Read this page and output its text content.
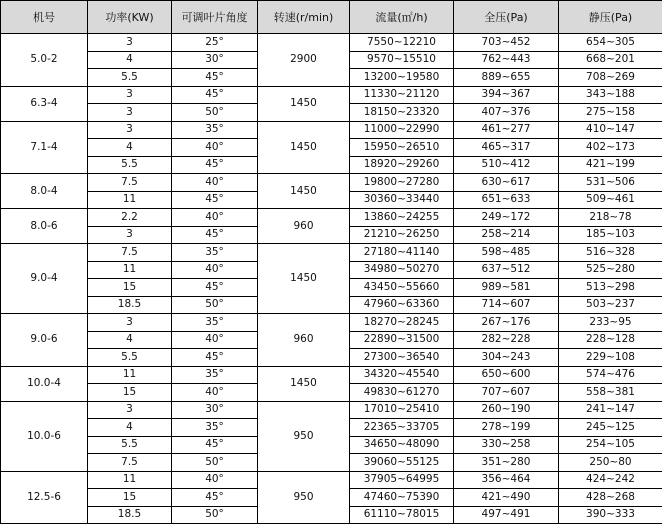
机号	功率(KW)	可调叶片角度	转速(r/min)	流量(㎡/h)	全压(Pa)	静压(Pa)
5.0-2	3	25°	2900	7550~12210	703~452	654~305
	4	30°		9570~15510	762~443	668~201
	5.5	45°		13200~19580	889~655	708~269
6.3-4	3	45°	1450	11330~21120	394~367	343~188
	3	50°		18150~23320	407~376	275~158
7.1-4	3	35°	1450	11000~22990	461~277	410~147
	4	40°		15950~26510	465~317	402~173
	5.5	45°		18920~29260	510~412	421~199
8.0-4	7.5	40°	1450	19800~27280	630~617	531~506
	11	45°		30360~33440	651~633	509~461
8.0-6	2.2	40°	960	13860~24255	249~172	218~78
	3	45°		21210~26250	258~214	185~103
9.0-4	7.5	35°	1450	27180~41140	598~485	516~328
	11	40°		34980~50270	637~512	525~280
	15	45°		43450~55660	989~581	513~298
	18.5	50°		47960~63360	714~607	503~237
9.0-6	3	35°	960	18270~28245	267~176	233~95
	4	40°		22890~31500	282~228	228~128
	5.5	45°		27300~36540	304~243	229~108
10.0-4	11	35°	1450	34320~45540	650~600	574~476
	15	40°		49830~61270	707~607	558~381
10.0-6	3	30°	950	17010~25410	260~190	241~147
	4	35°		22365~33705	278~199	245~125
	5.5	45°		34650~48090	330~258	254~105
	7.5	50°		39060~55125	351~280	250~80
12.5-6	11	40°	950	37905~64995	356~464	424~242
	15	45°		47460~75390	421~490	428~268
	18.5	50°		61110~78015	497~491	390~333
